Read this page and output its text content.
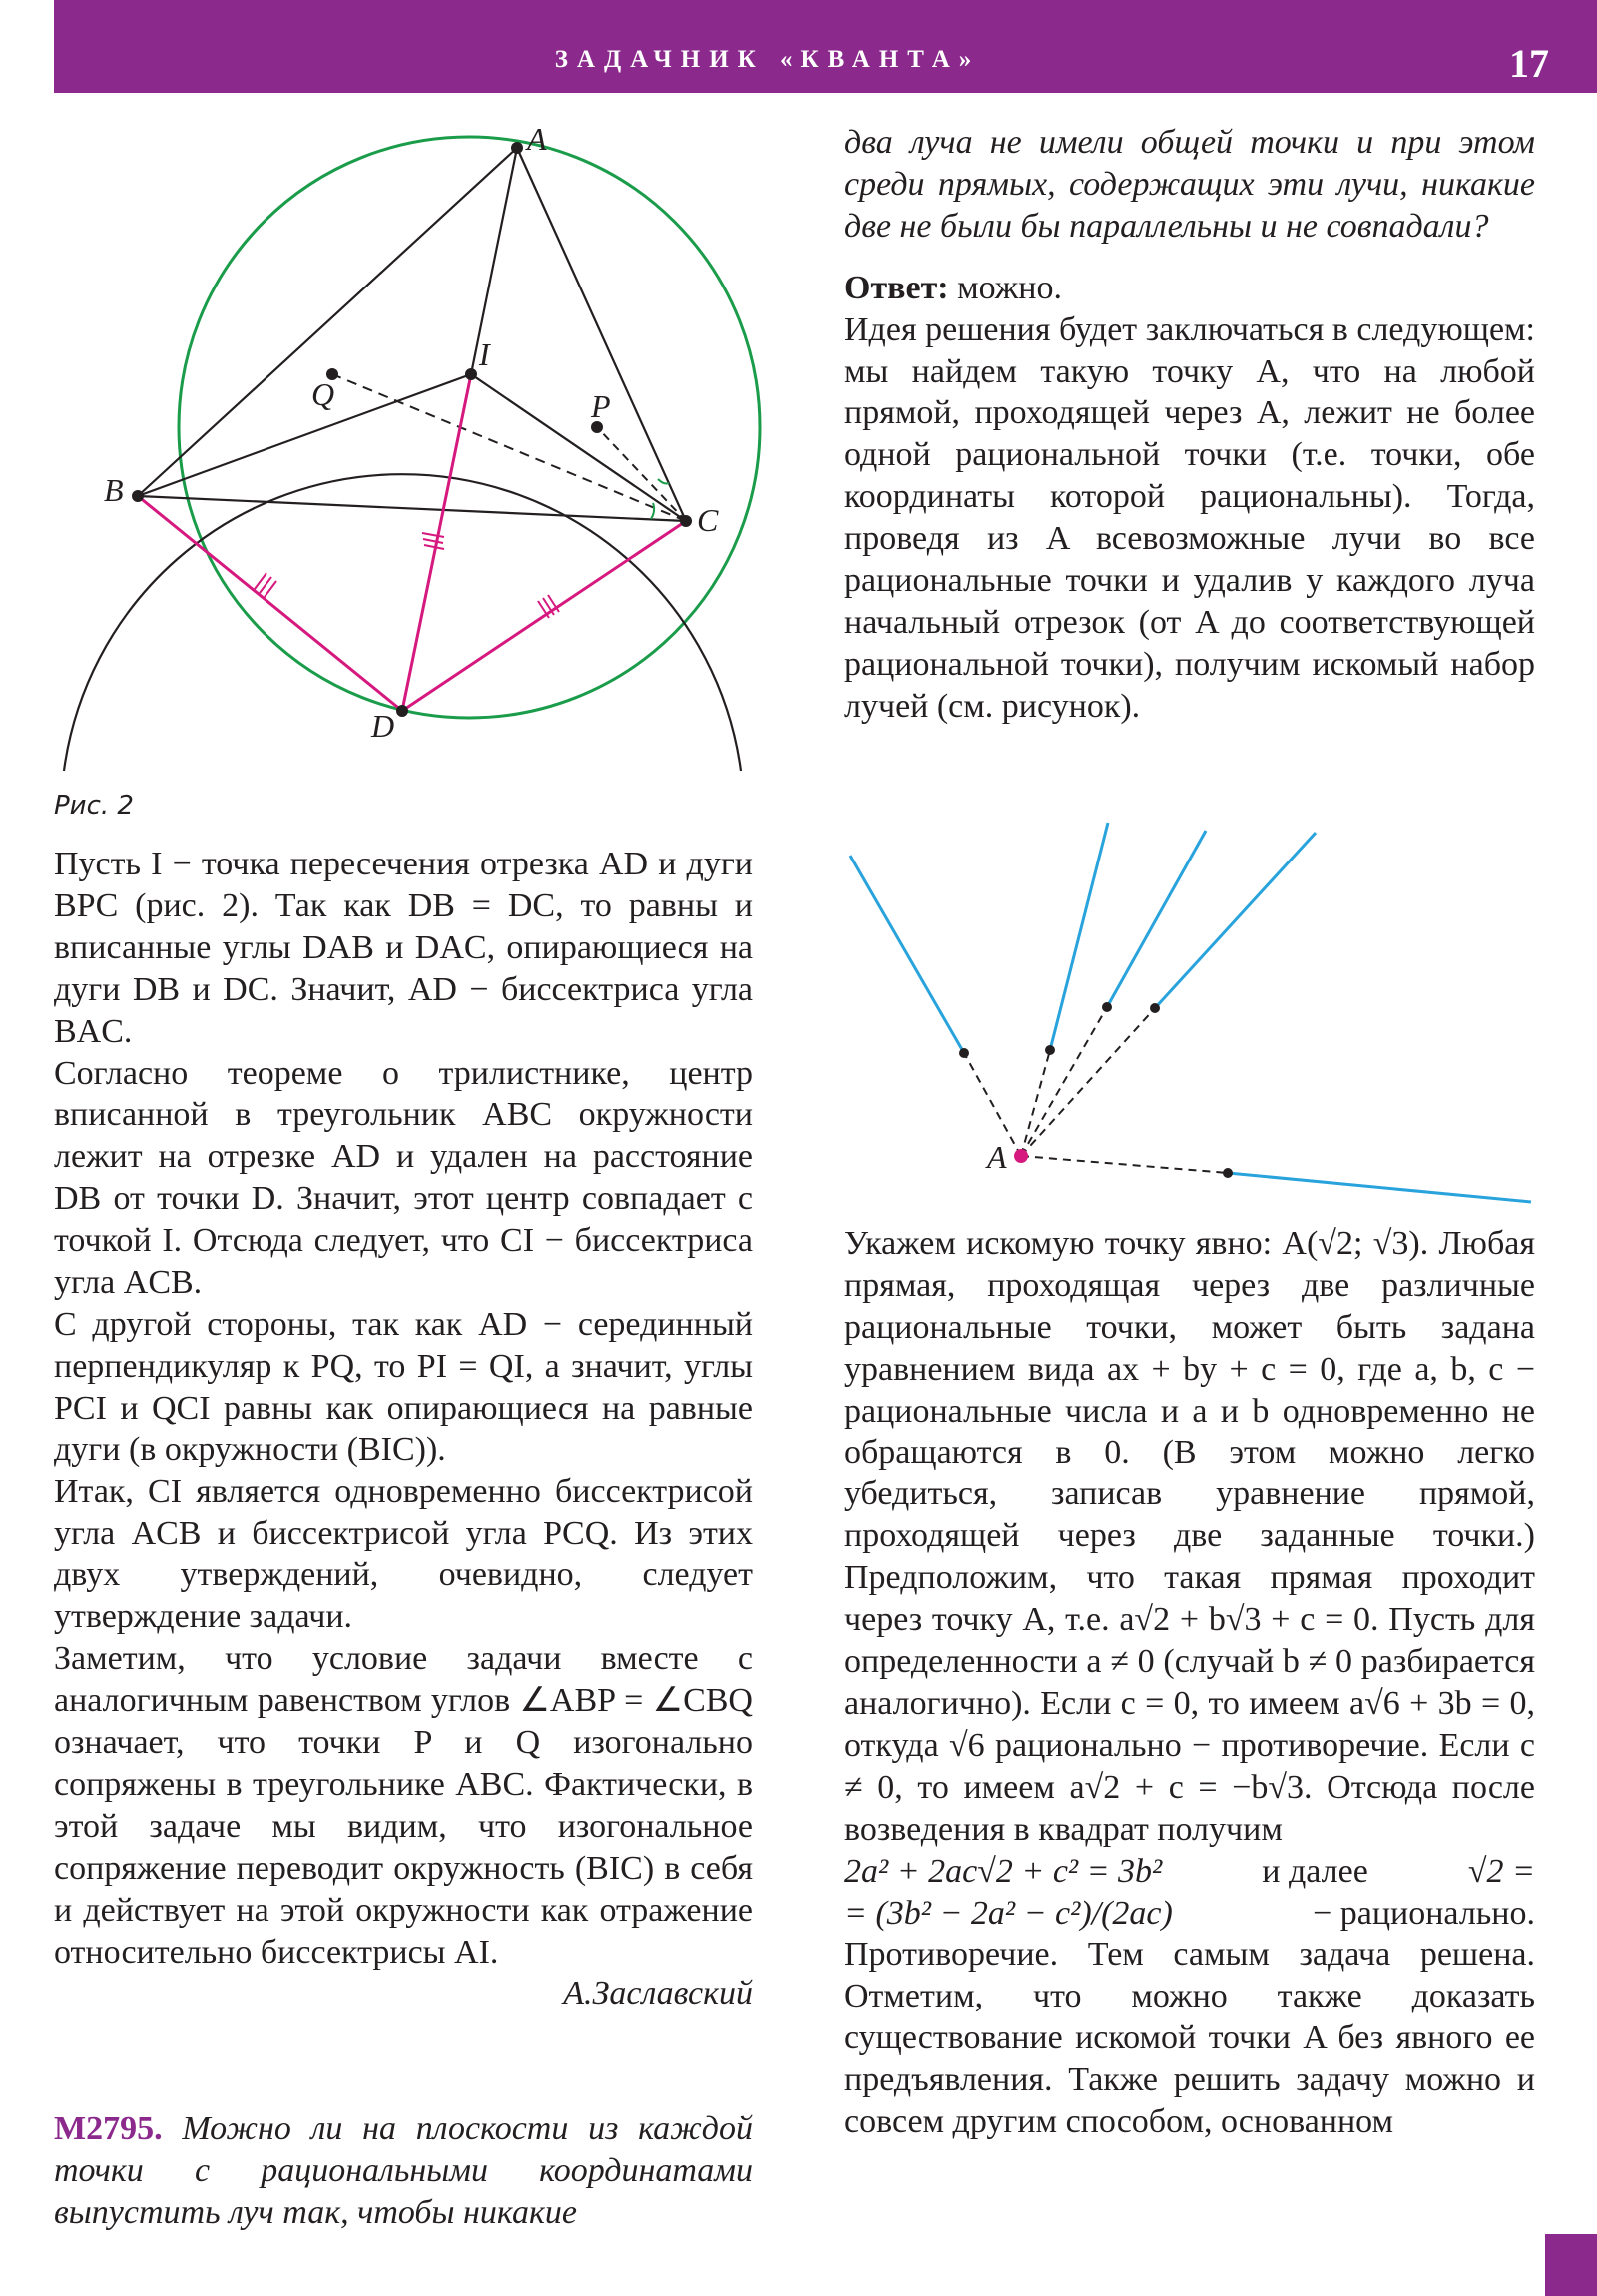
ЗАДАЧНИК «КВАНТА»	17
A
I
Q	P
B
C
D
Рис. 2

Пусть I − точка пересечения отрезка AD и дуги BPC (рис. 2). Так как DB = DC, то равны и вписанные углы DAB и DAC, опирающиеся на дуги DB и DC. Значит, AD − биссектриса угла BAC.

Согласно теореме о трилистнике, центр вписанной в треугольник ABC окружности лежит на отрезке AD и удален на расстояние DB от точки D. Значит, этот центр совпадает с точкой I. Отсюда следует, что CI − биссектриса угла ACB.

С другой стороны, так как AD − серединный перпендикуляр к PQ, то PI = QI, а значит, углы PCI и QCI равны как опирающиеся на равные дуги (в окружности (BIC)).

Итак, CI является одновременно биссектрисой угла ACB и биссектрисой угла PCQ. Из этих двух утверждений, очевидно, следует утверждение задачи.

Заметим, что условие задачи вместе с аналогичным равенством углов ∠ABP = ∠CBQ означает, что точки P и Q изогонально сопряжены в треугольнике ABC. Фактически, в этой задаче мы видим, что изогональное сопряжение переводит окружность (BIC) в себя и действует на этой окружности как отражение относительно биссектрисы AI.

А.Заславский

М2795. Можно ли на плоскости из каждой точки с рациональными координатами выпустить луч так, чтобы никакие

два луча не имели общей точки и при этом среди прямых, содержащих эти лучи, никакие две не были бы параллельны и не совпадали?

Ответ: можно.

Идея решения будет заключаться в следующем: мы найдем такую точку A, что на любой прямой, проходящей через A, лежит не более одной рациональной точки (т.е. точки, обе координаты которой рациональны). Тогда, проведя из A всевозможные лучи во все рациональные точки и удалив у каждого луча начальный отрезок (от A до соответствующей рациональной точки), получим искомый набор лучей (см. рисунок).

A

Укажем искомую точку явно: A(√2; √3). Любая прямая, проходящая через две различные рациональные точки, может быть задана уравнением вида ax + by + c = 0, где a, b, c − рациональные числа и a и b одновременно не обращаются в 0. (В этом можно легко убедиться, записав уравнение прямой, проходящей через две заданные точки.) Предположим, что такая прямая проходит через точку A, т.е. a√2 + b√3 + c = 0. Пусть для определенности a ≠ 0 (случай b ≠ 0 разбирается аналогично). Если c = 0, то имеем a√6 + 3b = 0, откуда √6 рационально − противоречие. Если c ≠ 0, то имеем a√2 + c = −b√3. Отсюда после возведения в квадрат получим

2a² + 2ac√2 + c² = 3b²	и далее	√2 =

= (3b² − 2a² − c²)/(2ac)	− рационально.

Противоречие. Тем самым задача решена. Отметим, что можно также доказать существование искомой точки A без явного ее предъявления. Также решить задачу можно и совсем другим способом, основанном
